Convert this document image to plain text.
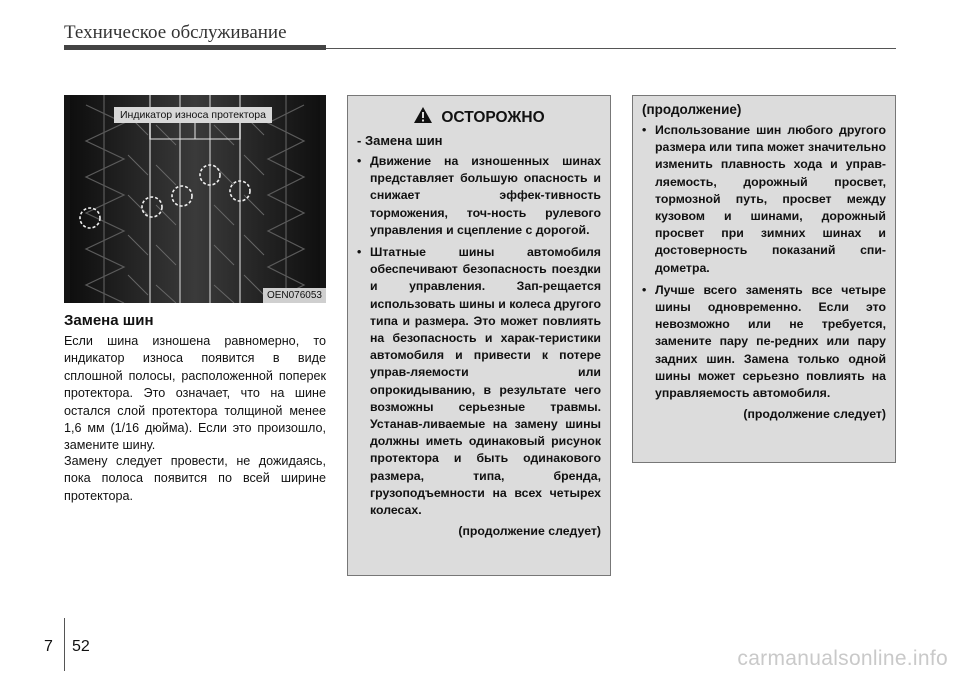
Техническое обслуживание
Индикатор износа протектора
OEN076053
Замена шин

Если шина изношена равномерно, то индикатор износа появится в виде сплошной полосы, расположенной поперек протектора. Это означает, что на шине остался слой протектора толщиной менее 1,6 мм (1/16 дюйма). Если это произошло, замените шину.

Замену следует провести, не дожидаясь, пока полоса появится по всей ширине протектора.

ОСТОРОЖНО
- Замена шин
• Движение на изношенных шинах представляет большую опасность и снижает эффек-тивность торможения, точ-ность рулевого управления и сцепление с дорогой.
• Штатные шины автомобиля обеспечивают безопасность поездки и управления. Зап-рещается использовать шины и колеса другого типа и размера. Это может повлиять на безопасность и харак-теристики автомобиля и привести к потере управ-ляемости или опрокидыванию, в результате чего возможны серьезные травмы. Устанав-ливаемые на замену шины должны иметь одинаковый рисунок протектора и быть одинакового размера, типа, бренда, грузоподъемности на всех четырех колесах.
(продолжение следует)
(продолжение)
• Использование шин любого другого размера или типа может значительно изменить плавность хода и управ-ляемость, дорожный просвет, тормозной путь, просвет между кузовом и шинами, дорожный просвет при зимних шинах и достоверность показаний спи-дометра.
• Лучше всего заменять все четыре шины одновременно. Если это невозможно или не требуется, замените пару пе-редних или пару задних шин. Замена только одной шины может серьезно повлиять на управляемость автомобиля.
(продолжение следует)
7 52
carmanualsonline.info
